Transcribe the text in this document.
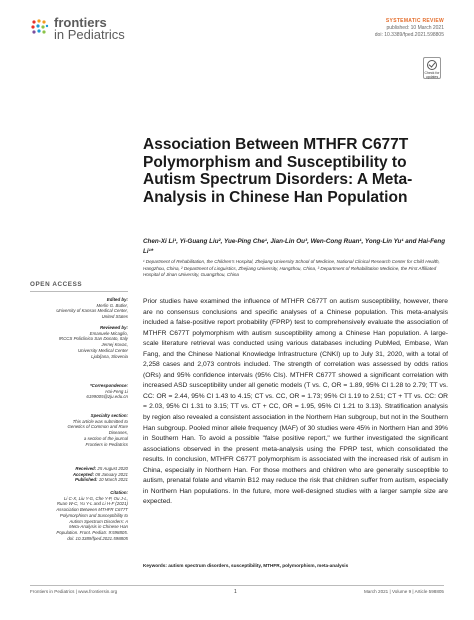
frontiers
in Pediatrics
SYSTEMATIC REVIEW
published: 10 March 2021
doi: 10.3389/fped.2021.598805
Check for updates
Association Between MTHFR C677T Polymorphism and Susceptibility to Autism Spectrum Disorders: A Meta-Analysis in Chinese Han Population
Chen-Xi Li¹, Yi-Guang Liu², Yue-Ping Che¹, Jian-Lin Ou³, Wen-Cong Ruan¹, Yong-Lin Yu¹ and Hai-Feng Li¹*
¹ Department of Rehabilitation, the Children's Hospital, Zhejiang University School of Medicine, National Clinical Research Center for Child Health, Hangzhou, China, ² Department of Linguistics, Zhejiang University, Hangzhou, China, ³ Department of Rehabilitation Medicine, the First Affiliated Hospital of Jinan University, Guangzhou, China
OPEN ACCESS
Edited by:
Merlin G. Butler,
University of Kansas Medical Center,
United States
Reviewed by:
Emanuele Micaglio,
IRCCS Policlinico San Donato, Italy
Jernej Kovac,
University Medical Center
Ljubljana, Slovenia
*Correspondence:
Hai-Feng Li
6199005@zju.edu.cn
Specialty section:
This article was submitted to
Genetics of Common and Rare
Diseases,
a section of the journal
Frontiers in Pediatrics
Received: 25 August 2020
Accepted: 08 January 2021
Published: 10 March 2021
Citation:
Li C-X, Liu Y-G, Che Y-P, Ou J-L,
Ruan W-C, Yu Y-L and Li H-F (2021)
Association Between MTHFR C677T
Polymorphism and Susceptibility to
Autism Spectrum Disorders: A
Meta-Analysis in Chinese Han
Population. Front. Pediatr. 9:598805.
doi: 10.3389/fped.2021.598805
Prior studies have examined the influence of MTHFR C677T on autism susceptibility, however, there are no consensus conclusions and specific analyses of a Chinese population. This meta-analysis included a false-positive report probability (FPRP) test to comprehensively evaluate the association of MTHFR C677T polymorphism with autism susceptibility among a Chinese Han population. A large-scale literature retrieval was conducted using various databases including PubMed, Embase, Wan Fang, and the Chinese National Knowledge Infrastructure (CNKI) up to July 31, 2020, with a total of 2,258 cases and 2,073 controls included. The strength of correlation was assessed by odds ratios (ORs) and 95% confidence intervals (95% CIs). MTHFR C677T showed a significant correlation with increased ASD susceptibility under all genetic models (T vs. C, OR = 1.89, 95% CI 1.28 to 2.79; TT vs. CC: OR = 2.44, 95% CI 1.43 to 4.15; CT vs. CC, OR = 1.73; 95% CI 1.19 to 2.51; CT + TT vs. CC: OR = 2.03, 95% CI 1.31 to 3.15; TT vs. CT + CC, OR = 1.95, 95% CI 1.21 to 3.13). Stratification analysis by region also revealed a consistent association in the Northern Han subgroup, but not in the Southern Han subgroup. Pooled minor allele frequency (MAF) of 30 studies were 45% in Northern Han and 39% in Southern Han. To avoid a possible "false positive report," we further investigated the significant associations observed in the present meta-analysis using the FPRP test, which consolidated the results. In conclusion, MTHFR C677T polymorphism is associated with the increased risk of autism in China, especially in Northern Han. For those mothers and children who are generally susceptible to autism, prenatal folate and vitamin B12 may reduce the risk that children suffer from autism, especially in Northern Han populations. In the future, more well-designed studies with a larger sample size are expected.
Keywords: autism spectrum disorders, susceptibility, MTHFR, polymorphism, meta-analysis
Frontiers in Pediatrics | www.frontiersin.org	1	March 2021 | Volume 9 | Article 598805
